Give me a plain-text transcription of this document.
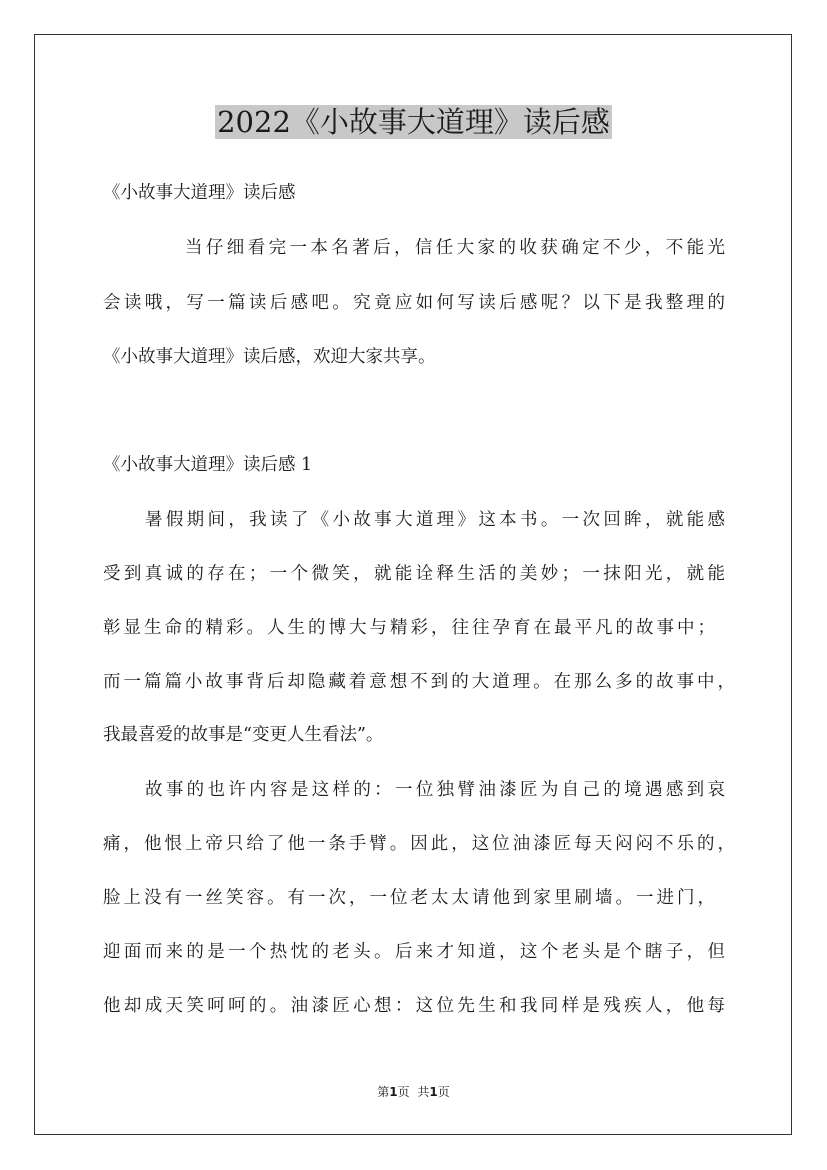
2022《小故事大道理》读后感
《小故事大道理》读后感
当仔细看完一本名著后，信任大家的收获确定不少，不能光
会读哦，写一篇读后感吧。究竟应如何写读后感呢？以下是我整理的
《小故事大道理》读后感，欢迎大家共享。
《小故事大道理》读后感 1
暑假期间，我读了《小故事大道理》这本书。一次回眸，就能感
受到真诚的存在；一个微笑，就能诠释生活的美妙；一抹阳光，就能
彰显生命的精彩。人生的博大与精彩，往往孕育在最平凡的故事中；
而一篇篇小故事背后却隐藏着意想不到的大道理。在那么多的故事中，
我最喜爱的故事是“变更人生看法”。
故事的也许内容是这样的：一位独臂油漆匠为自己的境遇感到哀
痛，他恨上帝只给了他一条手臂。因此，这位油漆匠每天闷闷不乐的，
脸上没有一丝笑容。有一次，一位老太太请他到家里刷墙。一进门，
迎面而来的是一个热忱的老头。后来才知道，这个老头是个瞎子，但
他却成天笑呵呵的。油漆匠心想：这位先生和我同样是残疾人，他每
第1页 共1页
